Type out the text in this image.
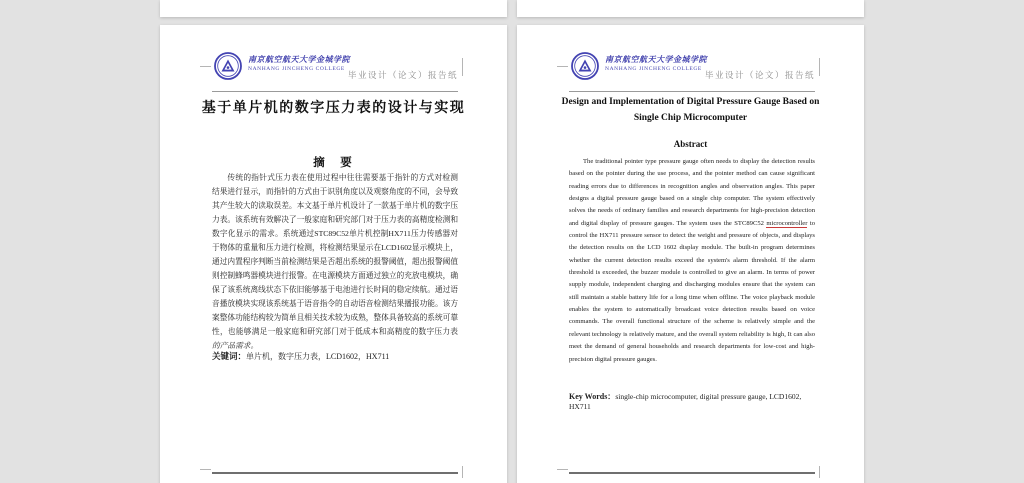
南京航空航天大学金城学院
NANHANG JINCHENG COLLEGE
毕业设计（论文）报告纸
基于单片机的数字压力表的设计与实现
摘　要

传统的指针式压力表在使用过程中往往需要基于指针的方式对检测结果进行显示，而指针的方式由于识别角度以及观察角度的不同，会导致其产生较大的读取误差。本文基于单片机设计了一款基于单片机的数字压力表。该系统有效解决了一般家庭和研究部门对于压力表的高精度检测和数字化显示的需求。系统通过STC89C52单片机控制HX711压力传感器对于物体的重量和压力进行检测，将检测结果显示在LCD1602显示模块上，通过内置程序判断当前检测结果是否超出系统的报警阈值，超出报警阈值则控制蜂鸣器模块进行报警。在电源模块方面通过独立的充放电模块，确保了该系统离线状态下依旧能够基于电池进行长时间的稳定续航。通过语音播放模块实现该系统基于语音指令的自动语音检测结果播报功能。该方案整体功能结构较为简单且相关技术较为成熟，整体具备较高的系统可靠性，也能够满足一般家庭和研究部门对于低成本和高精度的数字压力表的产品需求。

关键词：单片机，数字压力表，LCD1602，HX711

南京航空航天大学金城学院
NANHANG JINCHENG COLLEGE
毕业设计（论文）报告纸
Design and Implementation of Digital Pressure Gauge Based on
Single Chip Microcomputer
Abstract

The traditional pointer type pressure gauge often needs to display the detection results based on the pointer during the use process, and the pointer method can cause significant reading errors due to differences in recognition angles and observation angles. This paper designs a digital pressure gauge based on a single chip computer. The system effectively solves the needs of ordinary families and research departments for high-precision detection and digital display of pressure gauges. The system uses the STC89C52 microcontroller to control the HX711 pressure sensor to detect the weight and pressure of objects, and displays the detection results on the LCD 1602 display module. The built-in program determines whether the current detection results exceed the system's alarm threshold. If the alarm threshold is exceeded, the buzzer module is controlled to give an alarm. In terms of power supply module, independent charging and discharging modules ensure that the system can still maintain a stable battery life for a long time when offline. The voice playback module enables the system to automatically broadcast voice detection results based on voice commands. The overall functional structure of the scheme is relatively simple and the relevant technology is relatively mature, and the overall system reliability is high, It can also meet the demand of general households and research departments for low-cost and high-precision digital pressure gauges.

Key Words：single-chip microcomputer, digital pressure gauge, LCD1602, HX711
